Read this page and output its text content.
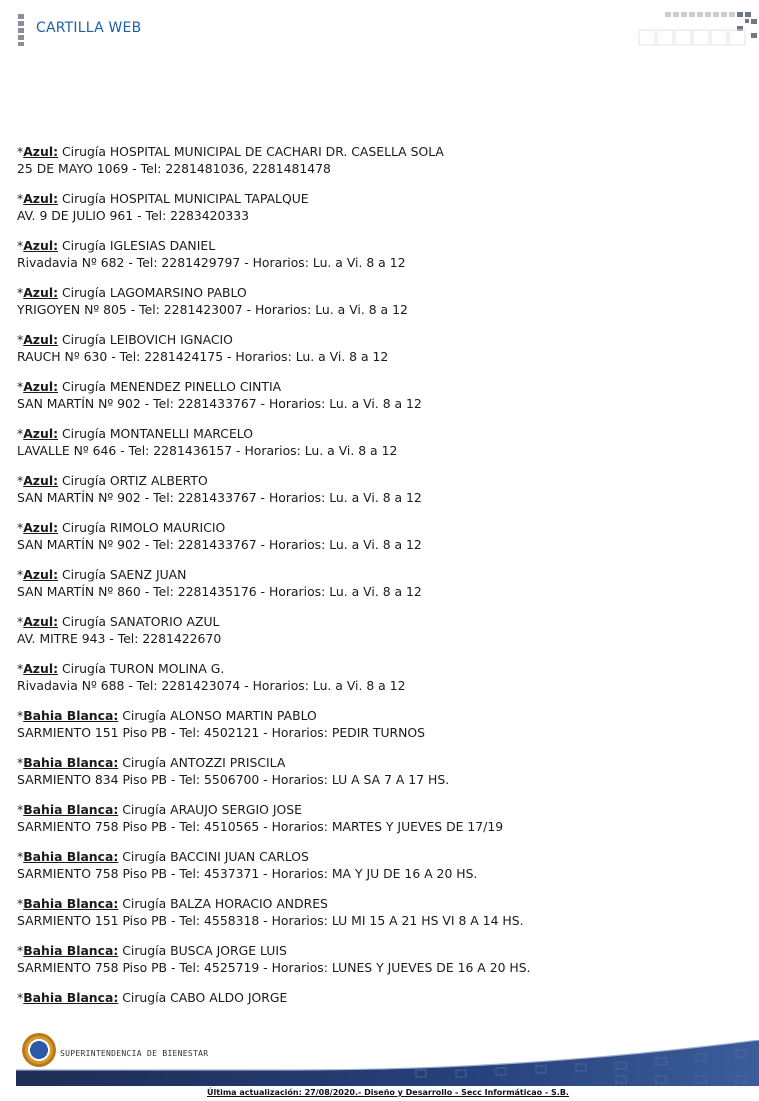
CARTILLA WEB
*Azul: Cirugía HOSPITAL MUNICIPAL DE CACHARI DR. CASELLA SOLA
25 DE MAYO 1069 - Tel: 2281481036, 2281481478
*Azul: Cirugía HOSPITAL MUNICIPAL TAPALQUE
AV. 9 DE JULIO 961 - Tel: 2283420333
*Azul: Cirugía IGLESIAS DANIEL
Rivadavia Nº 682 - Tel: 2281429797 - Horarios: Lu. a Vi. 8 a 12
*Azul: Cirugía LAGOMARSINO PABLO
YRIGOYEN Nº 805 - Tel: 2281423007 - Horarios: Lu. a Vi. 8 a 12
*Azul: Cirugía LEIBOVICH IGNACIO
RAUCH Nº 630 - Tel: 2281424175 - Horarios: Lu. a Vi. 8 a 12
*Azul: Cirugía MENENDEZ PINELLO CINTIA
SAN MARTÍN Nº 902 - Tel: 2281433767 - Horarios: Lu. a Vi. 8 a 12
*Azul: Cirugía MONTANELLI MARCELO
LAVALLE Nº 646 - Tel: 2281436157 - Horarios: Lu. a Vi. 8 a 12
*Azul: Cirugía ORTIZ ALBERTO
SAN MARTÍN Nº 902 - Tel: 2281433767 - Horarios: Lu. a Vi. 8 a 12
*Azul: Cirugía RIMOLO MAURICIO
SAN MARTÍN Nº 902 - Tel: 2281433767 - Horarios: Lu. a Vi. 8 a 12
*Azul: Cirugía SAENZ JUAN
SAN MARTÍN Nº 860 - Tel: 2281435176 - Horarios: Lu. a Vi. 8 a 12
*Azul: Cirugía SANATORIO AZUL
AV. MITRE 943 - Tel: 2281422670
*Azul: Cirugía TURON MOLINA G.
Rivadavia Nº 688 - Tel: 2281423074 - Horarios: Lu. a Vi. 8 a 12
*Bahia Blanca: Cirugía ALONSO MARTIN PABLO
SARMIENTO 151 Piso PB - Tel: 4502121 - Horarios: PEDIR TURNOS
*Bahia Blanca: Cirugía ANTOZZI PRISCILA
SARMIENTO 834 Piso PB - Tel: 5506700 - Horarios: LU A SA 7 A 17 HS.
*Bahia Blanca: Cirugía ARAUJO SERGIO JOSE
SARMIENTO 758 Piso PB - Tel: 4510565 - Horarios: MARTES Y JUEVES DE 17/19
*Bahia Blanca: Cirugía BACCINI JUAN CARLOS
SARMIENTO 758 Piso PB - Tel: 4537371 - Horarios: MA Y JU DE 16 A 20 HS.
*Bahia Blanca: Cirugía BALZA HORACIO ANDRES
SARMIENTO 151 Piso PB - Tel: 4558318 - Horarios: LU MI 15 A 21 HS VI 8 A 14 HS.
*Bahia Blanca: Cirugía BUSCA JORGE LUIS
SARMIENTO 758 Piso PB - Tel: 4525719 - Horarios: LUNES Y JUEVES DE 16 A 20 HS.
*Bahia Blanca: Cirugía CABO ALDO JORGE
SUPERINTENDENCIA DE BIENESTAR
Última actualización: 27/08/2020.- Diseño y Desarrollo - Secc Informáticao - S.B.
